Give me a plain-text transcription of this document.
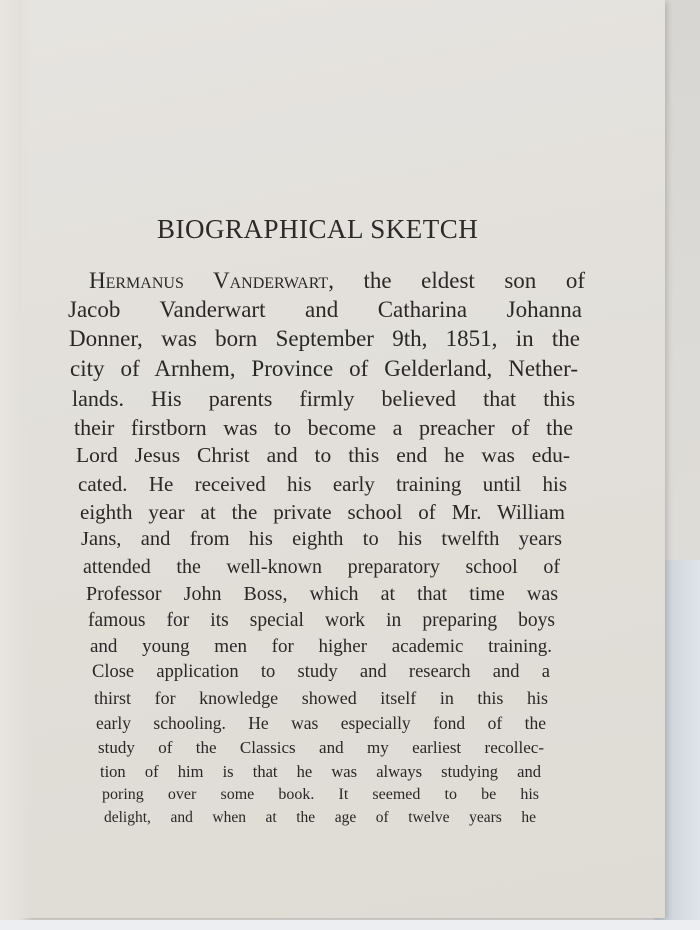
BIOGRAPHICAL SKETCH

Hermanus Vanderwart, the eldest son of

Jacob Vanderwart and Catharina Johanna

Donner, was born September 9th, 1851, in the

city of Arnhem, Province of Gelderland, Nether-

lands. His parents firmly believed that this

their firstborn was to become a preacher of the

Lord Jesus Christ and to this end he was edu-

cated. He received his early training until his

eighth year at the private school of Mr. William

Jans, and from his eighth to his twelfth years

attended the well-known preparatory school of

Professor John Boss, which at that time was

famous for its special work in preparing boys

and young men for higher academic training.

Close application to study and research and a

thirst for knowledge showed itself in this his

early schooling. He was especially fond of the

study of the Classics and my earliest recollec-

tion of him is that he was always studying and

poring over some book. It seemed to be his

delight, and when at the age of twelve years he
